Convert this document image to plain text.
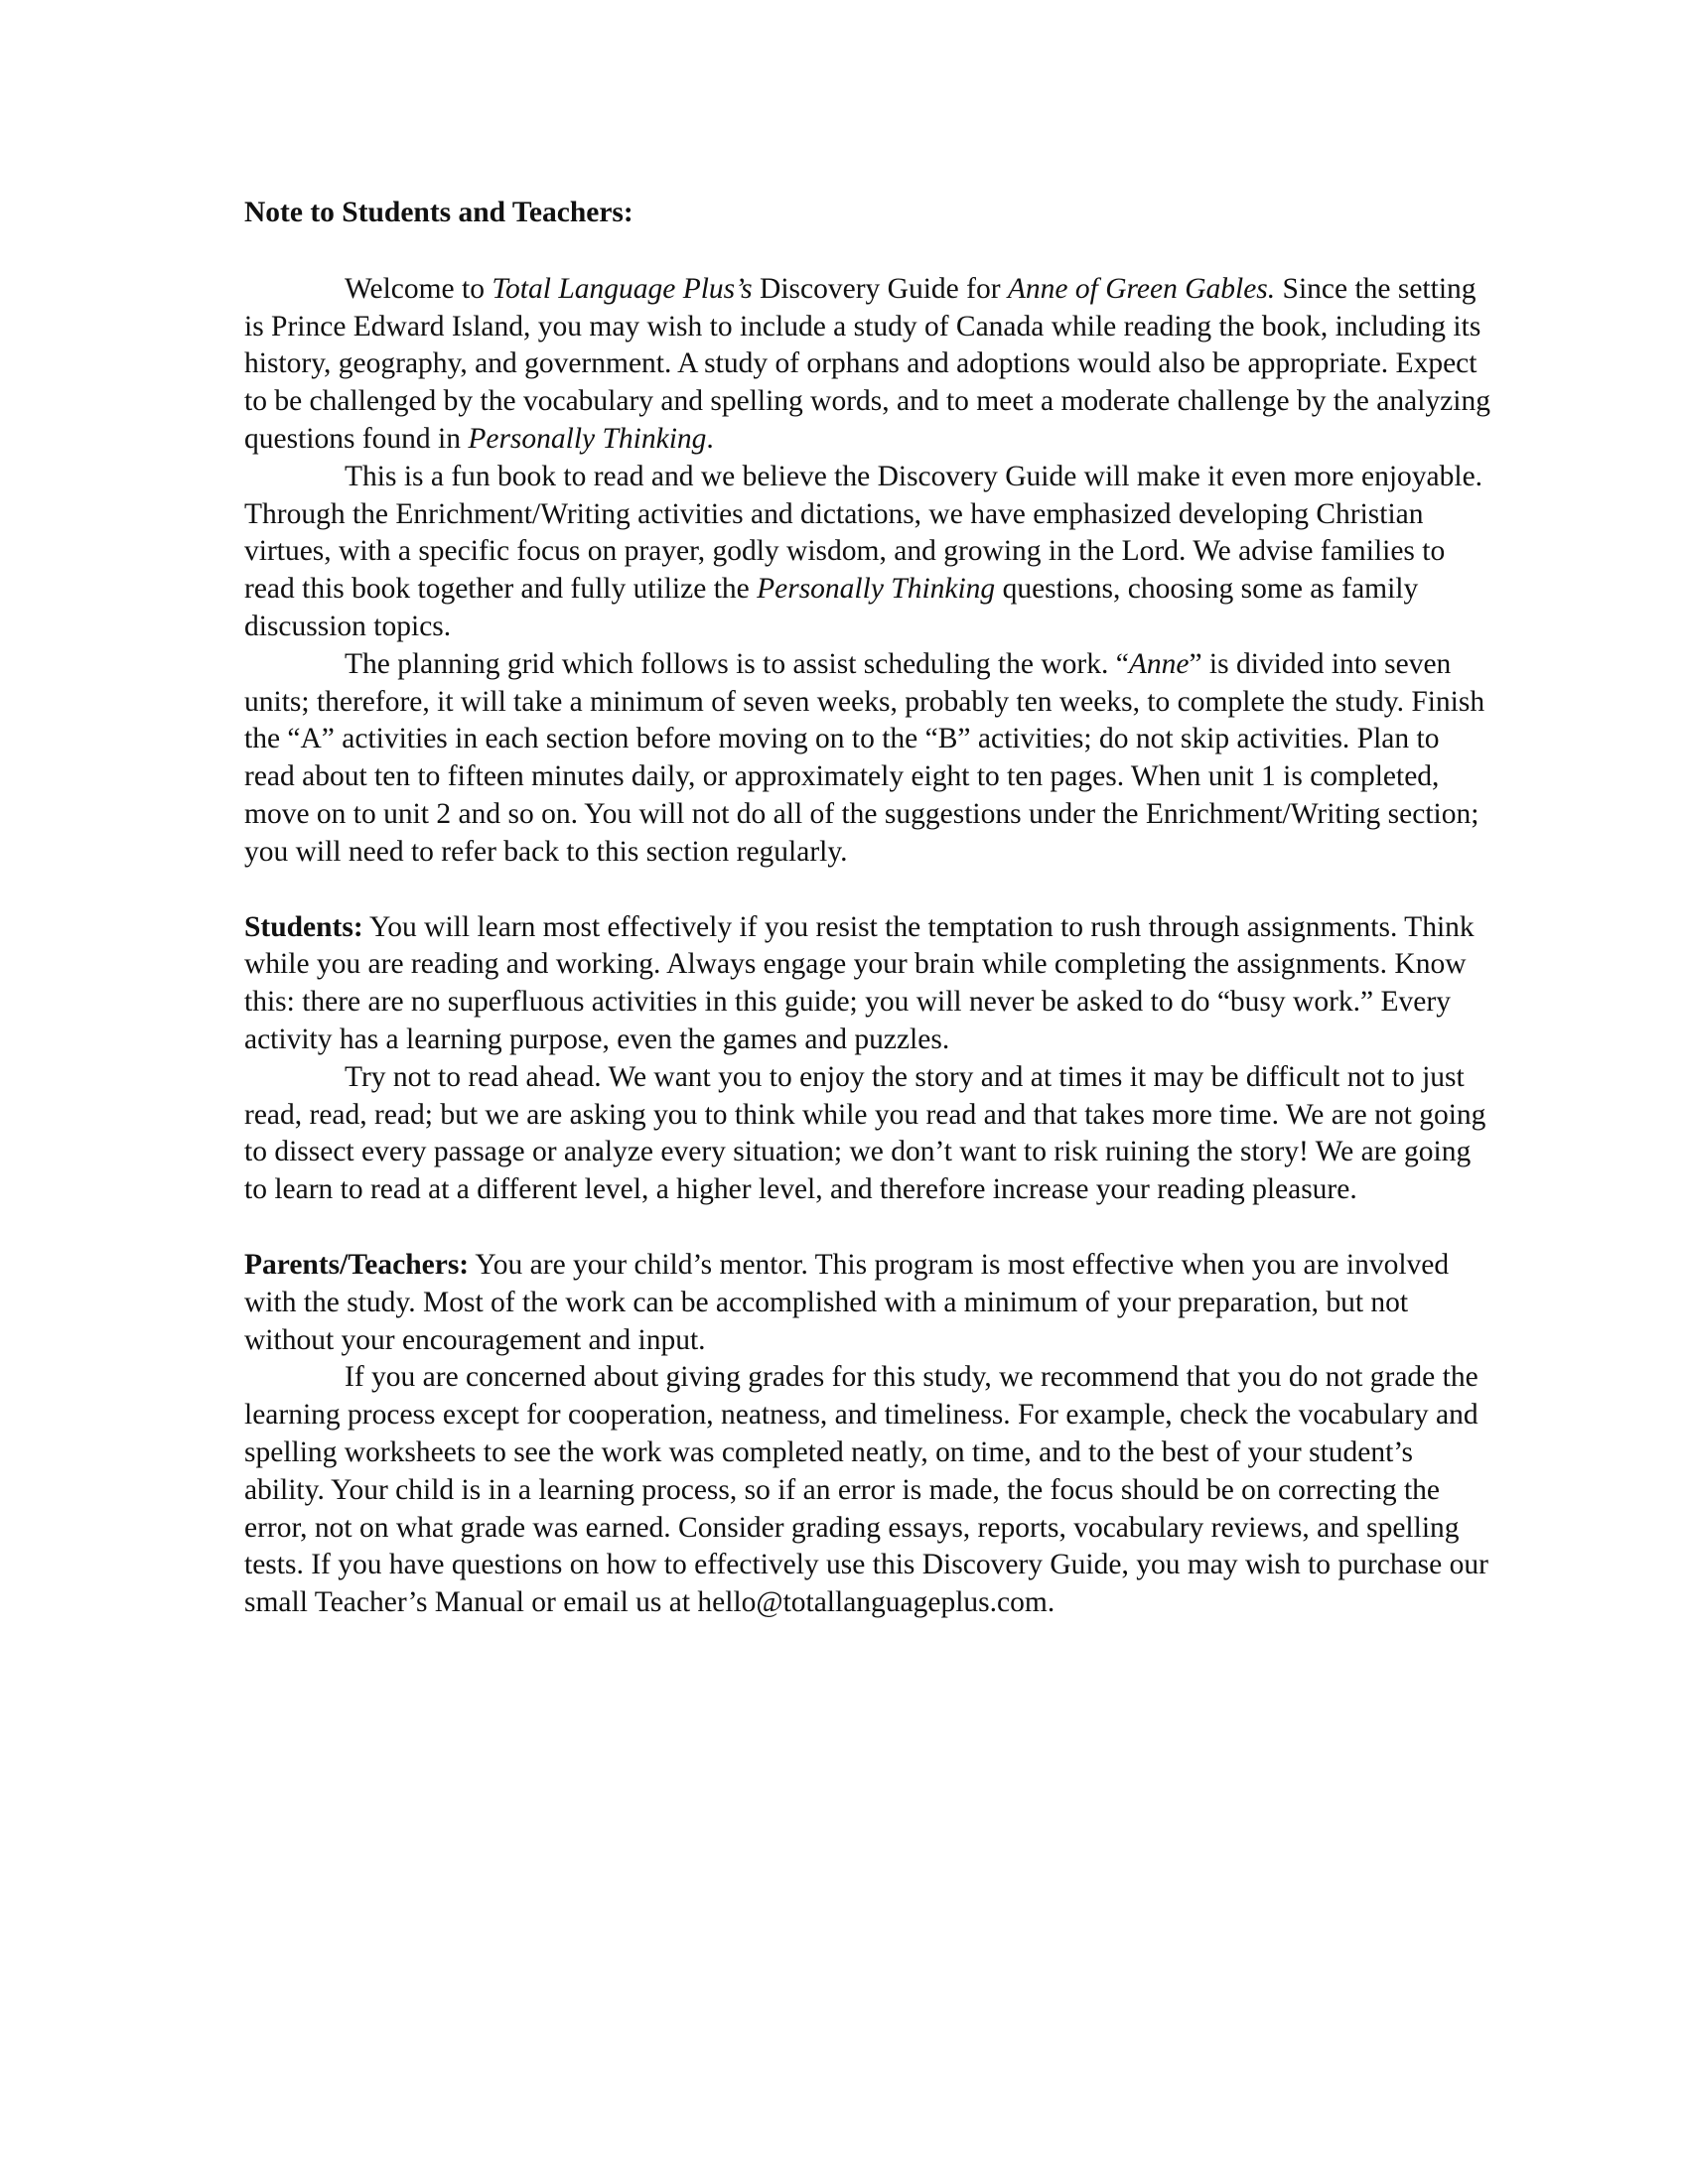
Note to Students and Teachers:

Welcome to Total Language Plus’s Discovery Guide for Anne of Green Gables. Since the setting is Prince Edward Island, you may wish to include a study of Canada while reading the book, including its history, geography, and government. A study of orphans and adoptions would also be appropriate. Expect to be challenged by the vocabulary and spelling words, and to meet a moderate challenge by the analyzing questions found in Personally Thinking.

This is a fun book to read and we believe the Discovery Guide will make it even more enjoyable. Through the Enrichment/Writing activities and dictations, we have emphasized developing Christian virtues, with a specific focus on prayer, godly wisdom, and growing in the Lord. We advise families to read this book together and fully utilize the Personally Thinking questions, choosing some as family discussion topics.

The planning grid which follows is to assist scheduling the work. “Anne” is divided into seven units; therefore, it will take a minimum of seven weeks, probably ten weeks, to complete the study. Finish the “A” activities in each section before moving on to the “B” activities; do not skip activities. Plan to read about ten to fifteen minutes daily, or approximately eight to ten pages. When unit 1 is completed, move on to unit 2 and so on. You will not do all of the suggestions under the Enrichment/Writing section; you will need to refer back to this section regularly.

Students: You will learn most effectively if you resist the temptation to rush through assignments. Think while you are reading and working. Always engage your brain while completing the assignments. Know this: there are no superfluous activities in this guide; you will never be asked to do “busy work.” Every activity has a learning purpose, even the games and puzzles.

Try not to read ahead. We want you to enjoy the story and at times it may be difficult not to just read, read, read; but we are asking you to think while you read and that takes more time. We are not going to dissect every passage or analyze every situation; we don’t want to risk ruining the story! We are going to learn to read at a different level, a higher level, and therefore increase your reading pleasure.

Parents/Teachers: You are your child’s mentor. This program is most effective when you are involved with the study. Most of the work can be accomplished with a minimum of your preparation, but not without your encouragement and input.

If you are concerned about giving grades for this study, we recommend that you do not grade the learning process except for cooperation, neatness, and timeliness. For example, check the vocabulary and spelling worksheets to see the work was completed neatly, on time, and to the best of your student’s ability. Your child is in a learning process, so if an error is made, the focus should be on correcting the error, not on what grade was earned. Consider grading essays, reports, vocabulary reviews, and spelling tests. If you have questions on how to effectively use this Discovery Guide, you may wish to purchase our small Teacher’s Manual or email us at hello@totallanguageplus.com.
